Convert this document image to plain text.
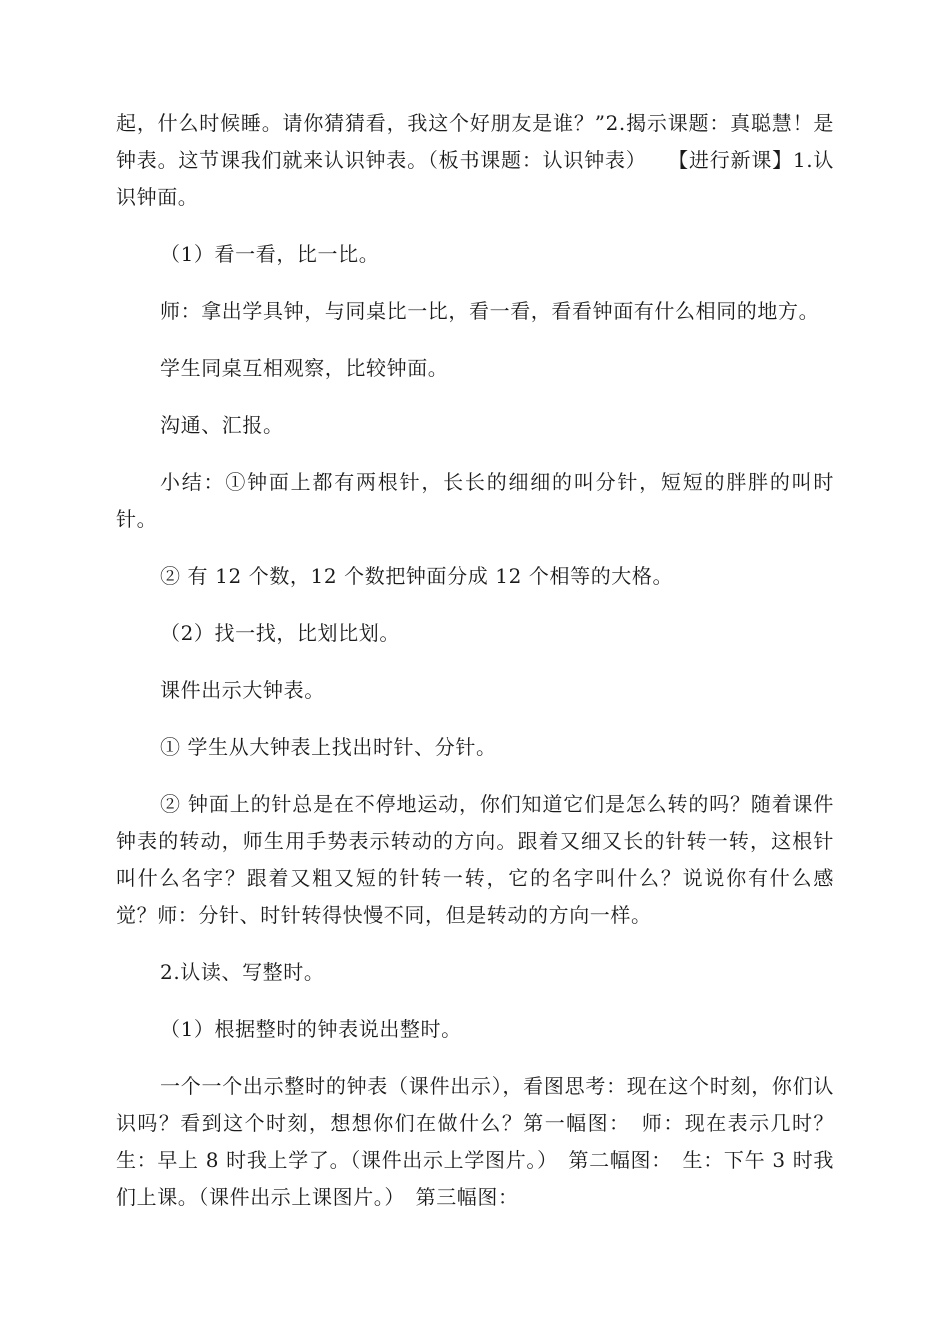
起，什么时候睡。请你猜猜看，我这个好朋友是谁？”2.揭示课题：真聪慧！是钟表。这节课我们就来认识钟表。（板书课题：认识钟表）　　【进行新课】1.认识钟面。

（1）看一看，比一比。

师：拿出学具钟，与同桌比一比，看一看，看看钟面有什么相同的地方。

学生同桌互相观察，比较钟面。

沟通、汇报。

小结：①钟面上都有两根针，长长的细细的叫分针，短短的胖胖的叫时针。

② 有 12 个数，12 个数把钟面分成 12 个相等的大格。

（2）找一找，比划比划。

课件出示大钟表。

① 学生从大钟表上找出时针、分针。

② 钟面上的针总是在不停地运动，你们知道它们是怎么转的吗？随着课件钟表的转动，师生用手势表示转动的方向。跟着又细又长的针转一转，这根针叫什么名字？跟着又粗又短的针转一转，它的名字叫什么？说说你有什么感觉？师：分针、时针转得快慢不同，但是转动的方向一样。

2.认读、写整时。

（1）根据整时的钟表说出整时。

一个一个出示整时的钟表（课件出示），看图思考：现在这个时刻，你们认识吗？看到这个时刻，想想你们在做什么？第一幅图：　师：现在表示几时？生：早上 8 时我上学了。（课件出示上学图片。）　第二幅图：　生：下午 3 时我们上课。（课件出示上课图片。）　第三幅图：
